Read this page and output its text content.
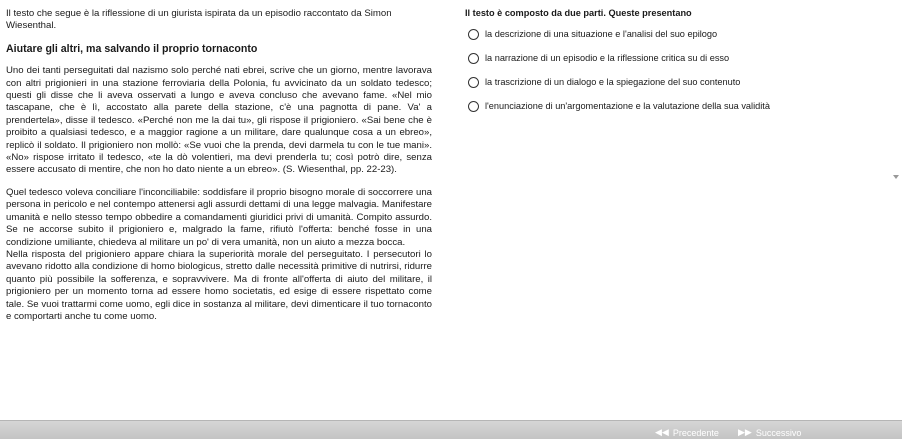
Il testo che segue è la riflessione di un giurista ispirata da un episodio raccontato da Simon Wiesenthal.

Aiutare gli altri, ma salvando il proprio tornaconto

Uno dei tanti perseguitati dal nazismo solo perché nati ebrei, scrive che un giorno, mentre lavorava con altri prigionieri in una stazione ferroviaria della Polonia, fu avvicinato da un soldato tedesco; questi gli disse che li aveva osservati a lungo e aveva concluso che avevano fame. «Nel mio tascapane, che è lì, accostato alla parete della stazione, c'è una pagnotta di pane. Va' a prendertela», disse il tedesco. «Perché non me la dai tu», gli rispose il prigioniero. «Sai bene che è proibito a qualsiasi tedesco, e a maggior ragione a un militare, dare qualunque cosa a un ebreo», replicò il soldato. Il prigioniero non mollò: «Se vuoi che la prenda, devi darmela tu con le tue mani». «No» rispose irritato il tedesco, «te la dò volentieri, ma devi prenderla tu; così potrò dire, senza essere accusato di mentire, che non ho dato niente a un ebreo». (S. Wiesenthal, pp. 22-23).

Quel tedesco voleva conciliare l'inconciliabile: soddisfare il proprio bisogno morale di soccorrere una persona in pericolo e nel contempo attenersi agli assurdi dettami di una legge malvagia. Manifestare umanità e nello stesso tempo obbedire a comandamenti giuridici privi di umanità. Compito assurdo. Se ne accorse subito il prigioniero e, malgrado la fame, rifiutò l'offerta: benché fosse in una condizione umiliante, chiedeva al militare un po' di vera umanità, non un aiuto a mezza bocca.

Nella risposta del prigioniero appare chiara la superiorità morale del perseguitato. I persecutori lo avevano ridotto alla condizione di homo biologicus, stretto dalle necessità primitive di nutrirsi, ridurre quanto più possibile la sofferenza, e sopravvivere. Ma di fronte all'offerta di aiuto del militare, il prigioniero per un momento torna ad essere homo societatis, ed esige di essere rispettato come tale. Se vuoi trattarmi come uomo, egli dice in sostanza al militare, devi dimenticare il tuo tornaconto e comportarti anche tu come uomo.

Il testo è composto da due parti. Queste presentano

la descrizione di una situazione e l'analisi del suo epilogo
la narrazione di un episodio e la riflessione critica su di esso
la trascrizione di un dialogo e la spiegazione del suo contenuto
l'enunciazione di un'argomentazione e la valutazione della sua validità
◀◀ Precedente ▶▶ Successivo
